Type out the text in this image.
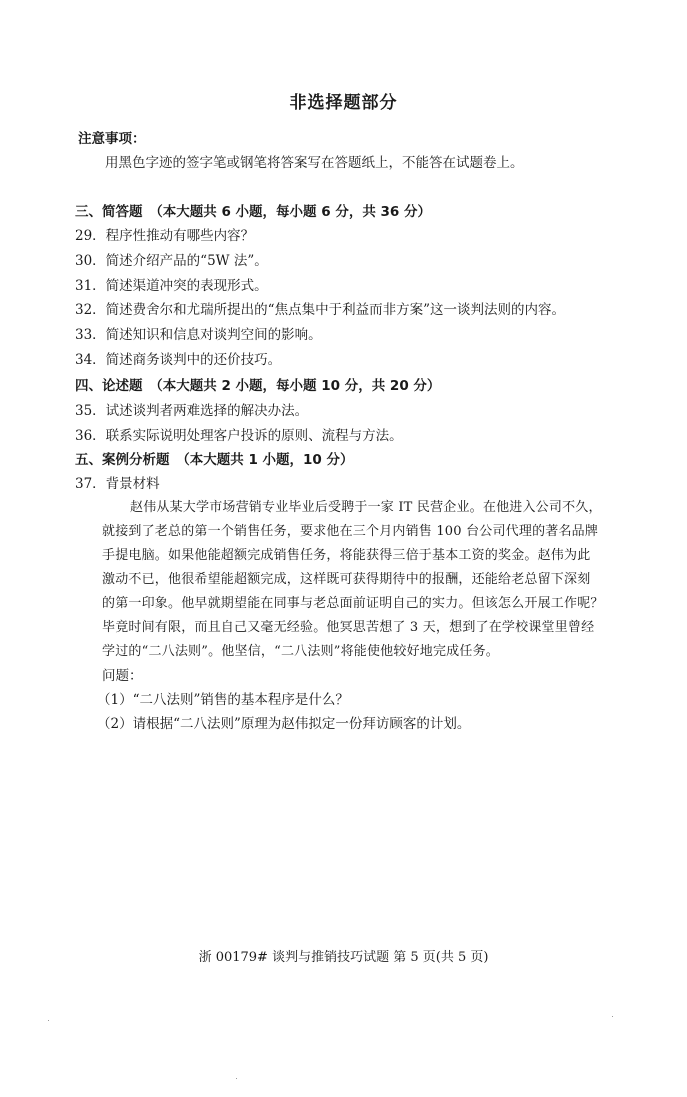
非选择题部分
注意事项：
用黑色字迹的签字笔或钢笔将答案写在答题纸上，不能答在试题卷上。
三、简答题　（本大题共 6 小题，每小题 6 分，共 36 分）
29．程序性推动有哪些内容？
30．简述介绍产品的“5W 法”。
31．简述渠道冲突的表现形式。
32．简述费舍尔和尤瑞所提出的“焦点集中于利益而非方案”这一谈判法则的内容。
33．简述知识和信息对谈判空间的影响。
34．简述商务谈判中的还价技巧。
四、论述题　（本大题共 2 小题，每小题 10 分，共 20 分）
35．试述谈判者两难选择的解决办法。
36．联系实际说明处理客户投诉的原则、流程与方法。
五、案例分析题　（本大题共 1 小题，10 分）
37．背景材料
赵伟从某大学市场营销专业毕业后受聘于一家 IT 民营企业。在他进入公司不久，
就接到了老总的第一个销售任务，要求他在三个月内销售 100 台公司代理的著名品牌
手提电脑。如果他能超额完成销售任务，将能获得三倍于基本工资的奖金。赵伟为此
激动不已，他很希望能超额完成，这样既可获得期待中的报酬，还能给老总留下深刻
的第一印象。他早就期望能在同事与老总面前证明自己的实力。但该怎么开展工作呢？
毕竟时间有限，而且自己又毫无经验。他冥思苦想了 3 天，想到了在学校课堂里曾经
学过的“二八法则”。他坚信，“二八法则”将能使他较好地完成任务。
问题：
（1）“二八法则”销售的基本程序是什么？
（2）请根据“二八法则”原理为赵伟拟定一份拜访顾客的计划。
浙 00179# 谈判与推销技巧试题 第 5 页(共 5 页)
